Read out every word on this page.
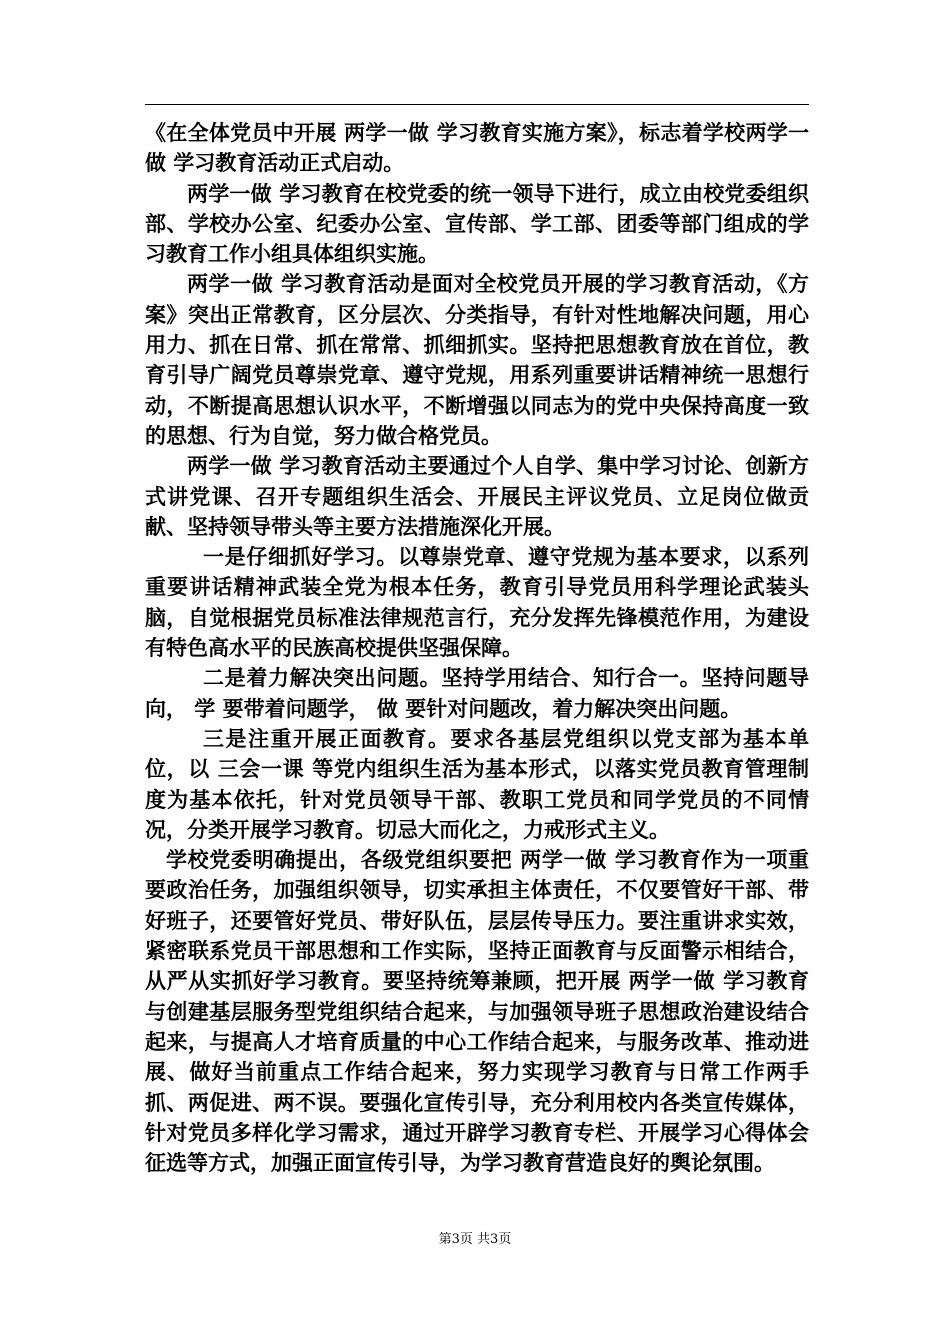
《在全体党员中开展 两学一做 学习教育实施方案》，标志着学校两学一做 学习教育活动正式启动。

两学一做 学习教育在校党委的统一领导下进行，成立由校党委组织部、学校办公室、纪委办公室、宣传部、学工部、团委等部门组成的学习教育工作小组具体组织实施。

两学一做 学习教育活动是面对全校党员开展的学习教育活动，《方案》突出正常教育，区分层次、分类指导，有针对性地解决问题，用心用力、抓在日常、抓在常常、抓细抓实。坚持把思想教育放在首位，教育引导广阔党员尊崇党章、遵守党规，用系列重要讲话精神统一思想行动，不断提高思想认识水平，不断增强以同志为的党中央保持高度一致的思想、行为自觉，努力做合格党员。

两学一做 学习教育活动主要通过个人自学、集中学习讨论、创新方式讲党课、召开专题组织生活会、开展民主评议党员、立足岗位做贡献、坚持领导带头等主要方法措施深化开展。

一是仔细抓好学习。以尊崇党章、遵守党规为基本要求，以系列重要讲话精神武装全党为根本任务，教育引导党员用科学理论武装头脑，自觉根据党员标准法律规范言行，充分发挥先锋模范作用，为建设有特色高水平的民族高校提供坚强保障。

二是着力解决突出问题。坚持学用结合、知行合一。坚持问题导向， 学 要带着问题学， 做 要针对问题改，着力解决突出问题。

三是注重开展正面教育。要求各基层党组织以党支部为基本单位，以 三会一课 等党内组织生活为基本形式，以落实党员教育管理制度为基本依托，针对党员领导干部、教职工党员和同学党员的不同情况，分类开展学习教育。切忌大而化之，力戒形式主义。

学校党委明确提出，各级党组织要把 两学一做 学习教育作为一项重要政治任务，加强组织领导，切实承担主体责任，不仅要管好干部、带好班子，还要管好党员、带好队伍，层层传导压力。要注重讲求实效，紧密联系党员干部思想和工作实际，坚持正面教育与反面警示相结合，从严从实抓好学习教育。要坚持统筹兼顾，把开展 两学一做 学习教育与创建基层服务型党组织结合起来，与加强领导班子思想政治建设结合起来，与提高人才培育质量的中心工作结合起来，与服务改革、推动进展、做好当前重点工作结合起来，努力实现学习教育与日常工作两手抓、两促进、两不误。要强化宣传引导，充分利用校内各类宣传媒体，针对党员多样化学习需求，通过开辟学习教育专栏、开展学习心得体会征选等方式，加强正面宣传引导，为学习教育营造良好的舆论氛围。

第3页 共3页
